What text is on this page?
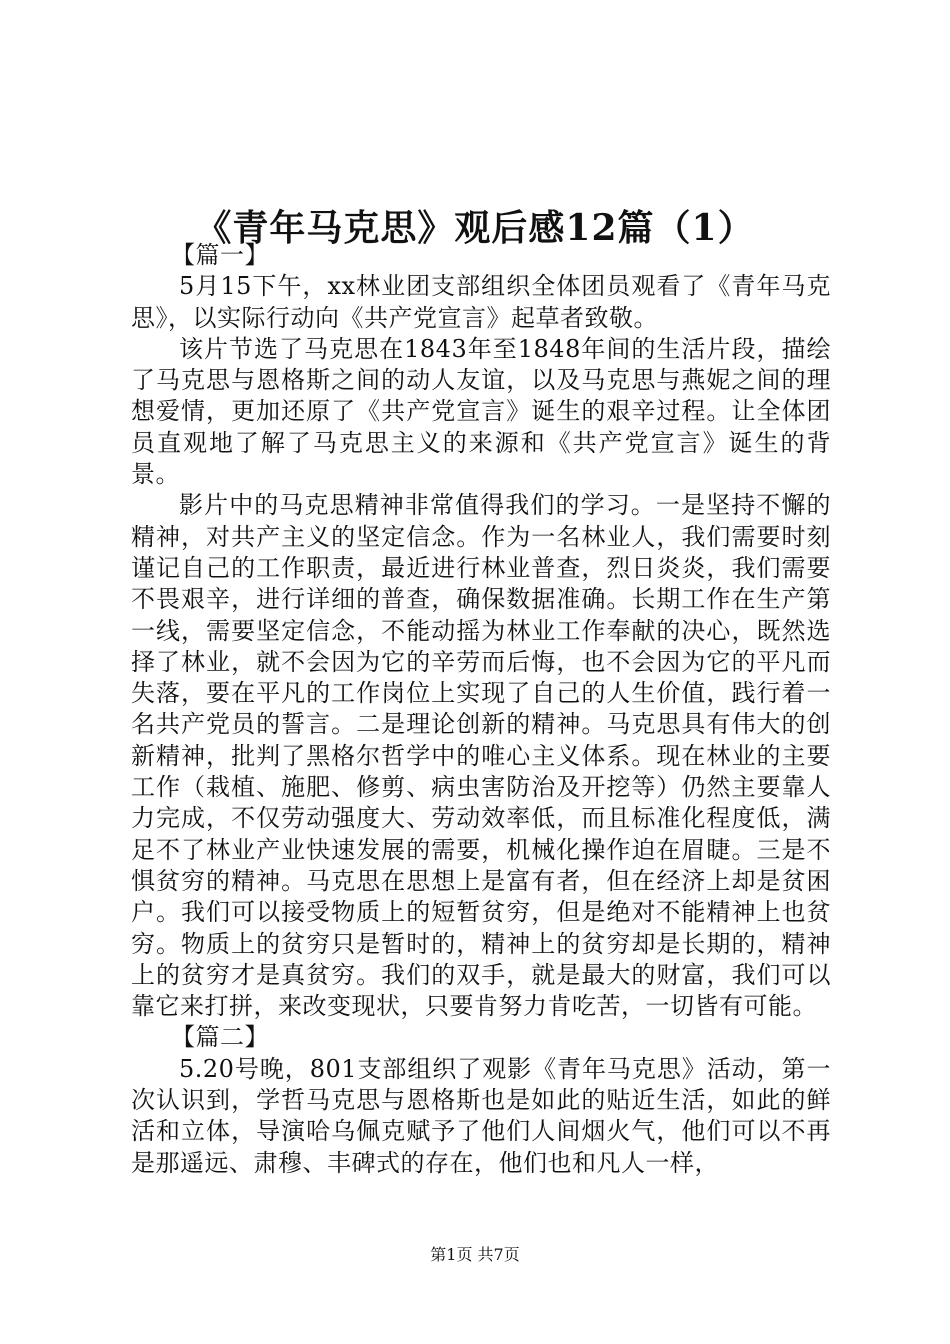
《青年马克思》观后感12篇（1）

【篇一】

5月15下午，xx林业团支部组织全体团员观看了《青年马克思》，以实际行动向《共产党宣言》起草者致敬。

该片节选了马克思在1843年至1848年间的生活片段，描绘了马克思与恩格斯之间的动人友谊，以及马克思与燕妮之间的理想爱情，更加还原了《共产党宣言》诞生的艰辛过程。让全体团员直观地了解了马克思主义的来源和《共产党宣言》诞生的背景。

影片中的马克思精神非常值得我们的学习。一是坚持不懈的精神，对共产主义的坚定信念。作为一名林业人，我们需要时刻谨记自己的工作职责，最近进行林业普查，烈日炎炎，我们需要不畏艰辛，进行详细的普查，确保数据准确。长期工作在生产第一线，需要坚定信念，不能动摇为林业工作奉献的决心，既然选择了林业，就不会因为它的辛劳而后悔，也不会因为它的平凡而失落，要在平凡的工作岗位上实现了自己的人生价值，践行着一名共产党员的誓言。二是理论创新的精神。马克思具有伟大的创新精神，批判了黑格尔哲学中的唯心主义体系。现在林业的主要工作（栽植、施肥、修剪、病虫害防治及开挖等）仍然主要靠人力完成，不仅劳动强度大、劳动效率低，而且标准化程度低，满足不了林业产业快速发展的需要，机械化操作迫在眉睫。三是不惧贫穷的精神。马克思在思想上是富有者，但在经济上却是贫困户。我们可以接受物质上的短暂贫穷，但是绝对不能精神上也贫穷。物质上的贫穷只是暂时的，精神上的贫穷却是长期的，精神上的贫穷才是真贫穷。我们的双手，就是最大的财富，我们可以靠它来打拼，来改变现状，只要肯努力肯吃苦，一切皆有可能。

【篇二】

5.20号晚，801支部组织了观影《青年马克思》活动，第一次认识到，学哲马克思与恩格斯也是如此的贴近生活，如此的鲜活和立体，导演哈乌佩克赋予了他们人间烟火气，他们可以不再是那遥远、肃穆、丰碑式的存在，他们也和凡人一样，

第1页 共7页
